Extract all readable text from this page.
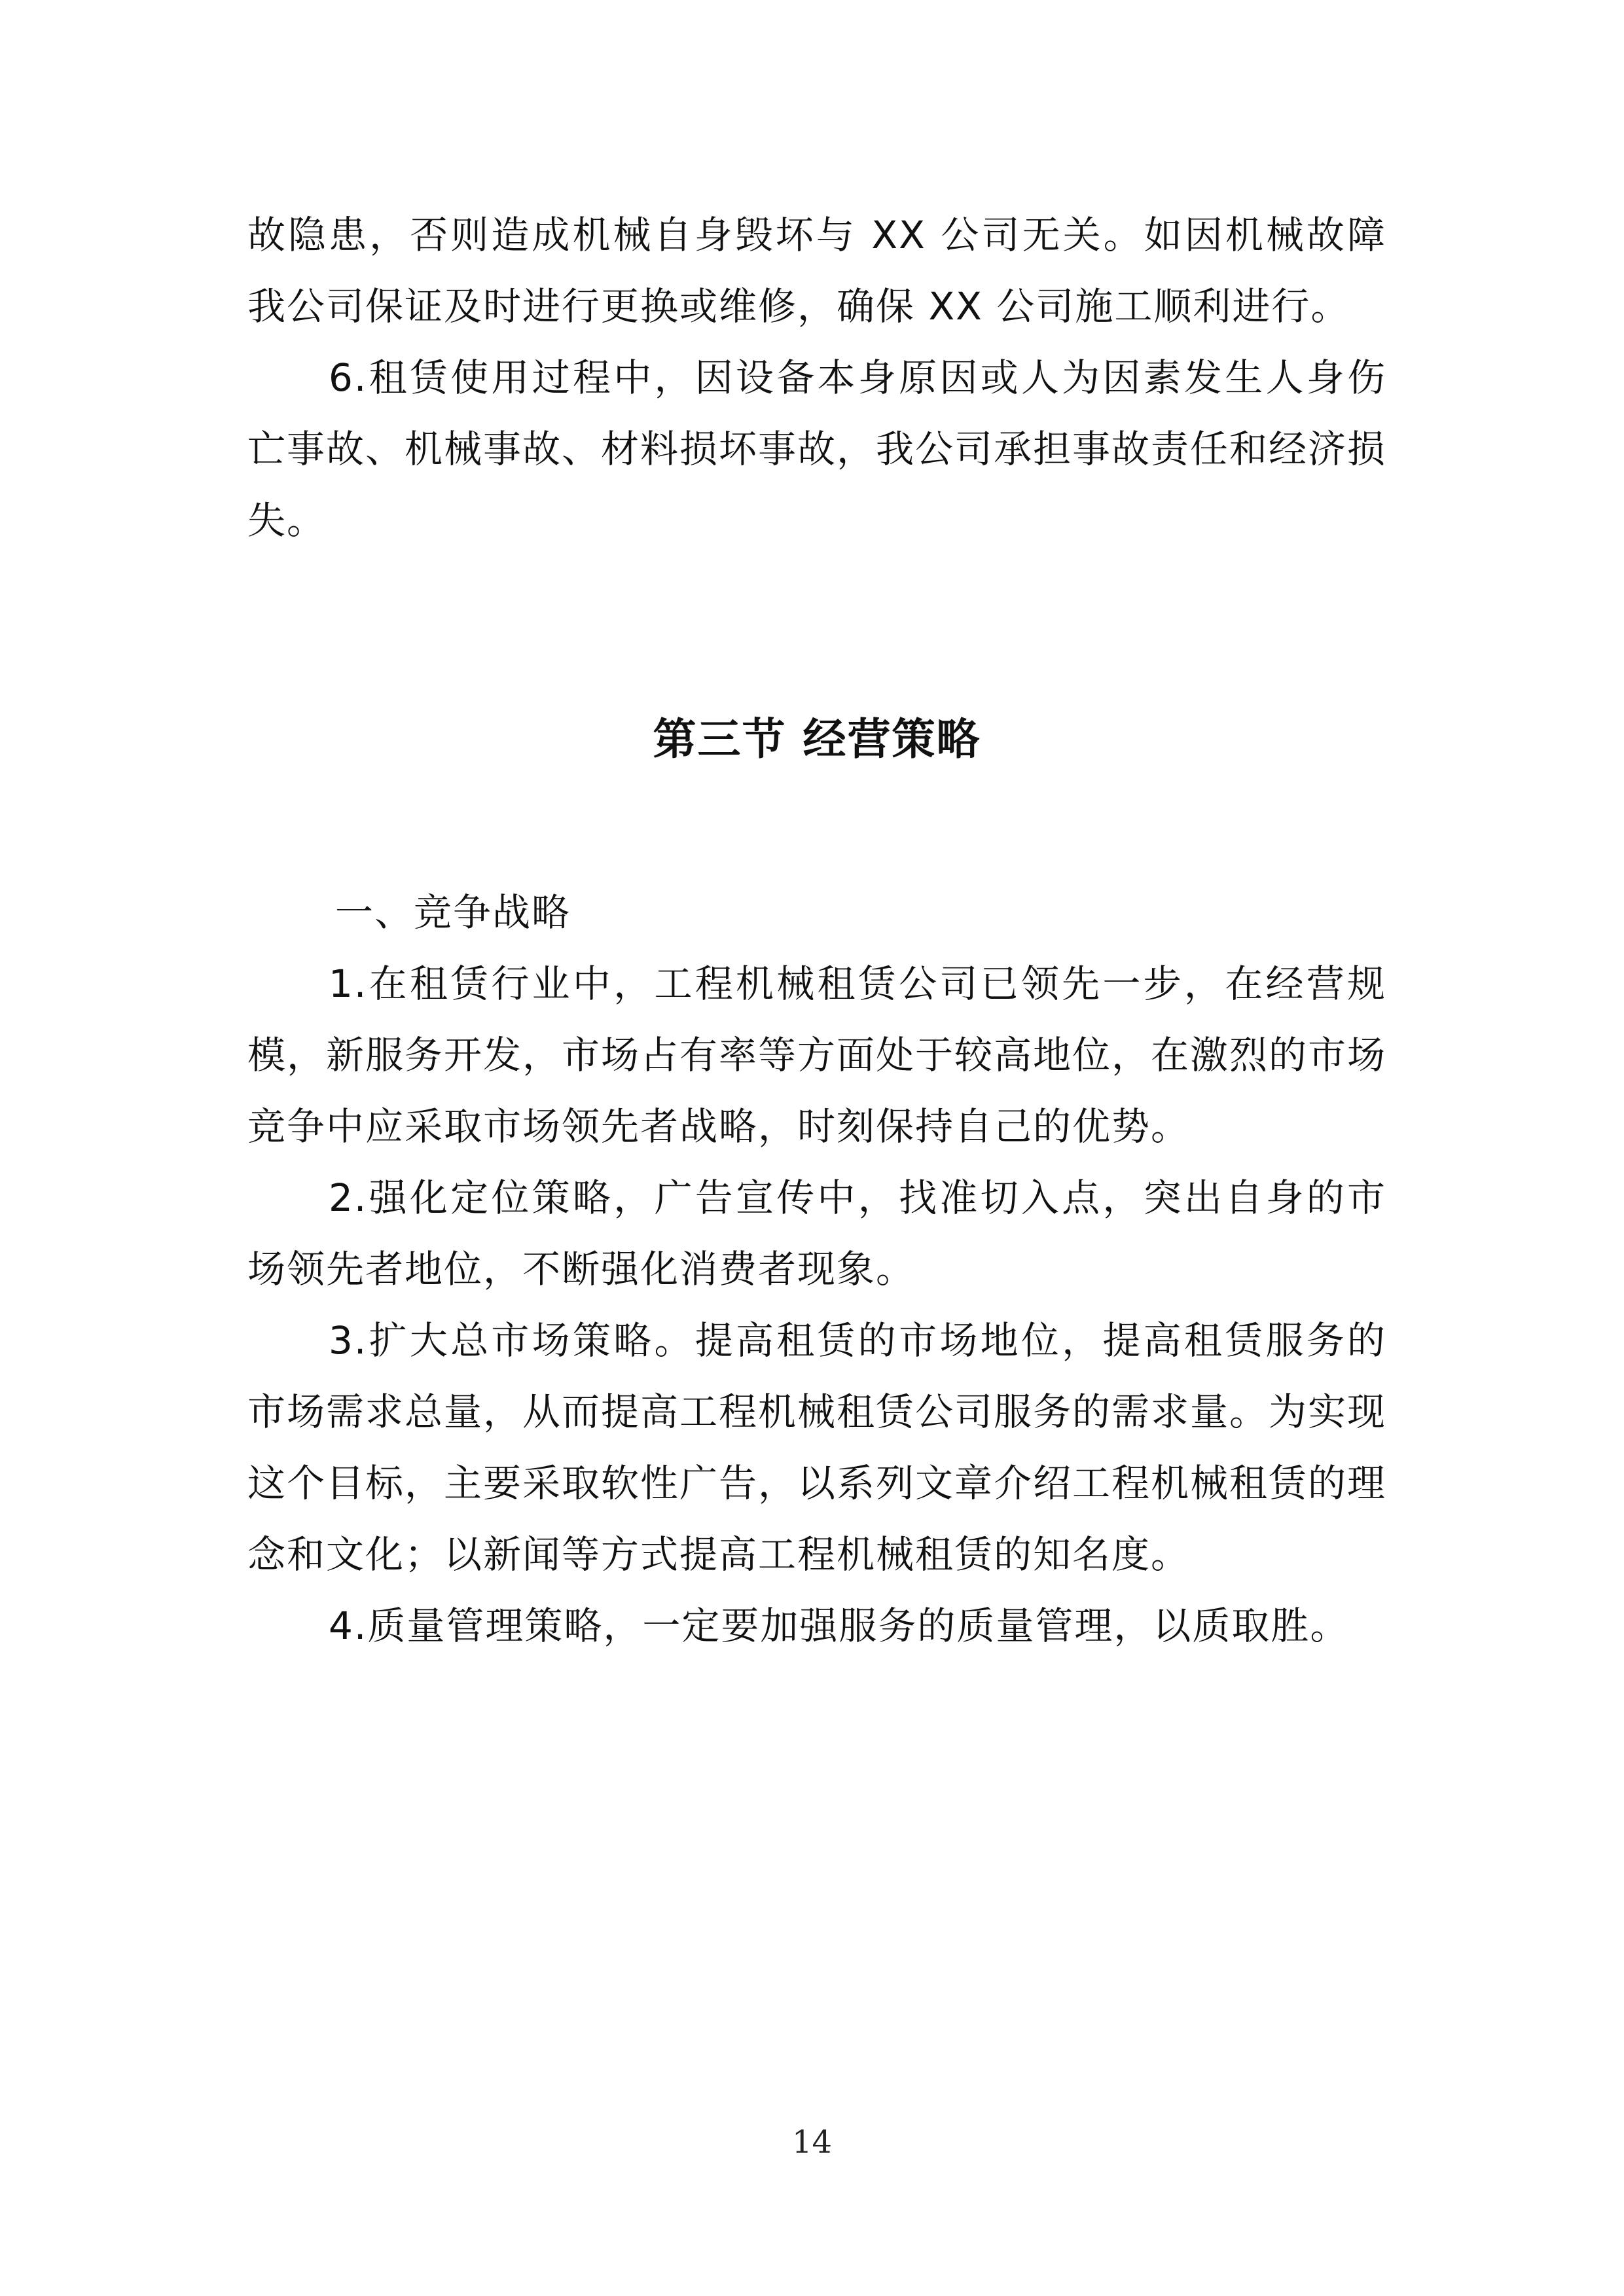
故隐患，否则造成机械自身毁坏与 XX 公司无关。如因机械故障我公司保证及时进行更换或维修，确保 XX 公司施工顺利进行。

6.租赁使用过程中，因设备本身原因或人为因素发生人身伤亡事故、机械事故、材料损坏事故，我公司承担事故责任和经济损失。

第三节 经营策略

一、竞争战略

1.在租赁行业中，工程机械租赁公司已领先一步，在经营规模，新服务开发，市场占有率等方面处于较高地位，在激烈的市场竞争中应采取市场领先者战略，时刻保持自己的优势。

2.强化定位策略，广告宣传中，找准切入点，突出自身的市场领先者地位，不断强化消费者现象。

3.扩大总市场策略。提高租赁的市场地位，提高租赁服务的市场需求总量，从而提高工程机械租赁公司服务的需求量。为实现这个目标，主要采取软性广告，以系列文章介绍工程机械租赁的理念和文化；以新闻等方式提高工程机械租赁的知名度。

4.质量管理策略，一定要加强服务的质量管理，以质取胜。

14
